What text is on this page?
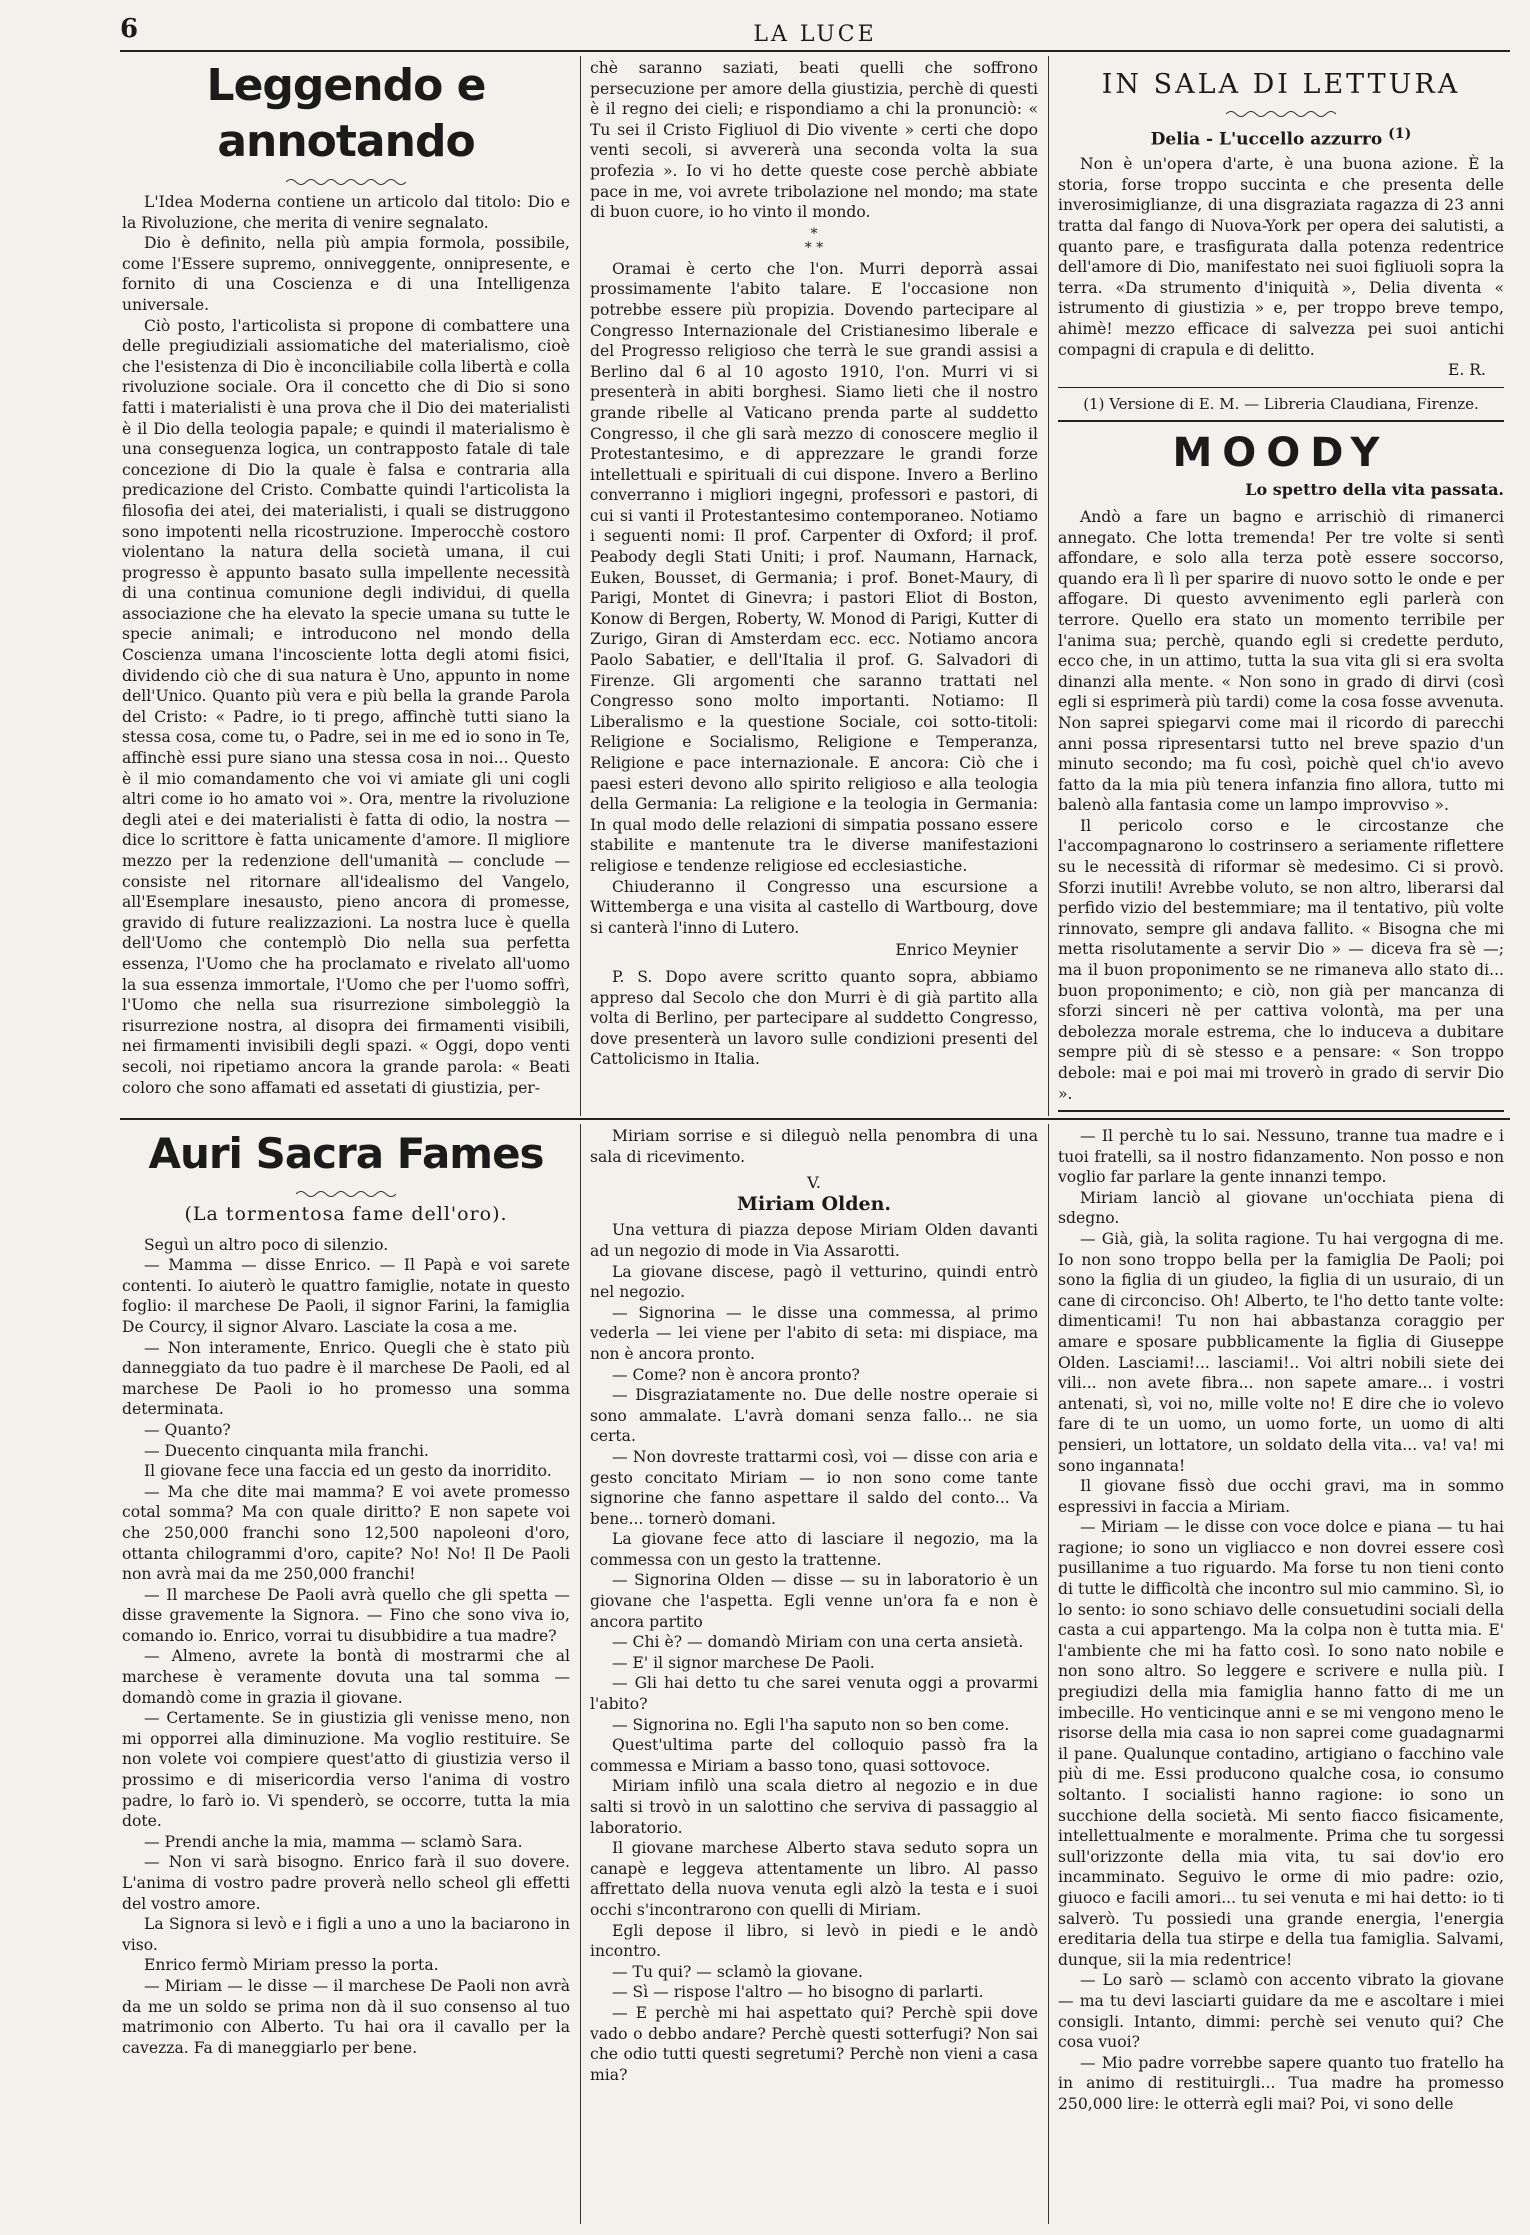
6	LA LUCE
Leggendo e annotando

L'Idea Moderna contiene un articolo dal titolo: Dio e la Rivoluzione, che merita di venire segnalato.

Dio è definito, nella più ampia formola, possibile, come l'Essere supremo, onniveggente, onnipresente, e fornito di una Coscienza e di una Intelligenza universale.

Ciò posto, l'articolista si propone di combattere una delle pregiudiziali assiomatiche del materialismo, cioè che l'esistenza di Dio è inconciliabile colla libertà e colla rivoluzione sociale. Ora il concetto che di Dio si sono fatti i materialisti è una prova che il Dio dei materialisti è il Dio della teologia papale; e quindi il materialismo è una conseguenza logica, un contrapposto fatale di tale concezione di Dio la quale è falsa e contraria alla predicazione del Cristo. Combatte quindi l'articolista la filosofia dei atei, dei materialisti, i quali se distruggono sono impotenti nella ricostruzione. Imperocchè costoro violentano la natura della società umana, il cui progresso è appunto basato sulla impellente necessità di una continua comunione degli individui, di quella associazione che ha elevato la specie umana su tutte le specie animali; e introducono nel mondo della Coscienza umana l'incosciente lotta degli atomi fisici, dividendo ciò che di sua natura è Uno, appunto in nome dell'Unico. Quanto più vera e più bella la grande Parola del Cristo: « Padre, io ti prego, affinchè tutti siano la stessa cosa, come tu, o Padre, sei in me ed io sono in Te, affinchè essi pure siano una stessa cosa in noi... Questo è il mio comandamento che voi vi amiate gli uni cogli altri come io ho amato voi ». Ora, mentre la rivoluzione degli atei e dei materialisti è fatta di odio, la nostra — dice lo scrittore è fatta unicamente d'amore. Il migliore mezzo per la redenzione dell'umanità — conclude — consiste nel ritornare all'idealismo del Vangelo, all'Esemplare inesausto, pieno ancora di promesse, gravido di future realizzazioni. La nostra luce è quella dell'Uomo che contemplò Dio nella sua perfetta essenza, l'Uomo che ha proclamato e rivelato all'uomo la sua essenza immortale, l'Uomo che per l'uomo soffrì, l'Uomo che nella sua risurrezione simboleggiò la risurrezione nostra, al disopra dei firmamenti visibili, nei firmamenti invisibili degli spazi. « Oggi, dopo venti secoli, noi ripetiamo ancora la grande parola: « Beati coloro che sono affamati ed assetati di giustizia, per-

chè saranno saziati, beati quelli che soffrono persecuzione per amore della giustizia, perchè di questi è il regno dei cieli; e rispondiamo a chi la pronunciò: « Tu sei il Cristo Figliuol di Dio vivente » certi che dopo venti secoli, si avvererà una seconda volta la sua profezia ». Io vi ho dette queste cose perchè abbiate pace in me, voi avrete tribolazione nel mondo; ma state di buon cuore, io ho vinto il mondo.

*
* *

Oramai è certo che l'on. Murri deporrà assai prossimamente l'abito talare. E l'occasione non potrebbe essere più propizia. Dovendo partecipare al Congresso Internazionale del Cristianesimo liberale e del Progresso religioso che terrà le sue grandi assisi a Berlino dal 6 al 10 agosto 1910, l'on. Murri vi si presenterà in abiti borghesi. Siamo lieti che il nostro grande ribelle al Vaticano prenda parte al suddetto Congresso, il che gli sarà mezzo di conoscere meglio il Protestantesimo, e di apprezzare le grandi forze intellettuali e spirituali di cui dispone. Invero a Berlino converranno i migliori ingegni, professori e pastori, di cui si vanti il Protestantesimo contemporaneo. Notiamo i seguenti nomi: Il prof. Carpenter di Oxford; il prof. Peabody degli Stati Uniti; i prof. Naumann, Harnack, Euken, Bousset, di Germania; i prof. Bonet-Maury, di Parigi, Montet di Ginevra; i pastori Eliot di Boston, Konow di Bergen, Roberty, W. Monod di Parigi, Kutter di Zurigo, Giran di Amsterdam ecc. ecc. Notiamo ancora Paolo Sabatier, e dell'Italia il prof. G. Salvadori di Firenze. Gli argomenti che saranno trattati nel Congresso sono molto importanti. Notiamo: Il Liberalismo e la questione Sociale, coi sotto-titoli: Religione e Socialismo, Religione e Temperanza, Religione e pace internazionale. E ancora: Ciò che i paesi esteri devono allo spirito religioso e alla teologia della Germania: La religione e la teologia in Germania: In qual modo delle relazioni di simpatia possano essere stabilite e mantenute tra le diverse manifestazioni religiose e tendenze religiose ed ecclesiastiche.

Chiuderanno il Congresso una escursione a Wittemberga e una visita al castello di Wartbourg, dove si canterà l'inno di Lutero.

Enrico Meynier

P. S. Dopo avere scritto quanto sopra, abbiamo appreso dal Secolo che don Murri è di già partito alla volta di Berlino, per partecipare al suddetto Congresso, dove presenterà un lavoro sulle condizioni presenti del Cattolicismo in Italia.

IN SALA DI LETTURA
Delia - L'uccello azzurro $^{(1)}$

Non è un'opera d'arte, è una buona azione. È la storia, forse troppo succinta e che presenta delle inverosimiglianze, di una disgraziata ragazza di 23 anni tratta dal fango di Nuova-York per opera dei salutisti, a quanto pare, e trasfigurata dalla potenza redentrice dell'amore di Dio, manifestato nei suoi figliuoli sopra la terra. «Da strumento d'iniquità », Delia diventa « istrumento di giustizia » e, per troppo breve tempo, ahimè! mezzo efficace di salvezza pei suoi antichi compagni di crapula e di delitto.

E. R.

(1) Versione di E. M. — Libreria Claudiana, Firenze.

MOODY
Lo spettro della vita passata.

Andò a fare un bagno e arrischiò di rimanerci annegato. Che lotta tremenda! Per tre volte si sentì affondare, e solo alla terza potè essere soccorso, quando era lì lì per sparire di nuovo sotto le onde e per affogare. Di questo avvenimento egli parlerà con terrore. Quello era stato un momento terribile per l'anima sua; perchè, quando egli si credette perduto, ecco che, in un attimo, tutta la sua vita gli si era svolta dinanzi alla mente. « Non sono in grado di dirvi (così egli si esprimerà più tardi) come la cosa fosse avvenuta. Non saprei spiegarvi come mai il ricordo di parecchi anni possa ripresentarsi tutto nel breve spazio d'un minuto secondo; ma fu così, poichè quel ch'io avevo fatto da la mia più tenera infanzia fino allora, tutto mi balenò alla fantasia come un lampo improvviso ».

Il pericolo corso e le circostanze che l'accompagnarono lo costrinsero a seriamente riflettere su le necessità di riformar sè medesimo. Ci si provò. Sforzi inutili! Avrebbe voluto, se non altro, liberarsi dal perfido vizio del bestemmiare; ma il tentativo, più volte rinnovato, sempre gli andava fallito. « Bisogna che mi metta risolutamente a servir Dio » — diceva fra sè —; ma il buon proponimento se ne rimaneva allo stato di... buon proponimento; e ciò, non già per mancanza di sforzi sinceri nè per cattiva volontà, ma per una debolezza morale estrema, che lo induceva a dubitare sempre più di sè stesso e a pensare: « Son troppo debole: mai e poi mai mi troverò in grado di servir Dio ».

Auri Sacra Fames
(La tormentosa fame dell'oro).

Seguì un altro poco di silenzio.

— Mamma — disse Enrico. — Il Papà e voi sarete contenti. Io aiuterò le quattro famiglie, notate in questo foglio: il marchese De Paoli, il signor Farini, la famiglia De Courcy, il signor Alvaro. Lasciate la cosa a me.

— Non interamente, Enrico. Quegli che è stato più danneggiato da tuo padre è il marchese De Paoli, ed al marchese De Paoli io ho promesso una somma determinata.

— Quanto?

— Duecento cinquanta mila franchi.

Il giovane fece una faccia ed un gesto da inorridito.

— Ma che dite mai mamma? E voi avete promesso cotal somma? Ma con quale diritto? E non sapete voi che 250,000 franchi sono 12,500 napoleoni d'oro, ottanta chilogrammi d'oro, capite? No! No! Il De Paoli non avrà mai da me 250,000 franchi!

— Il marchese De Paoli avrà quello che gli spetta — disse gravemente la Signora. — Fino che sono viva io, comando io. Enrico, vorrai tu disubbidire a tua madre?

— Almeno, avrete la bontà di mostrarmi che al marchese è veramente dovuta una tal somma — domandò come in grazia il giovane.

— Certamente. Se in giustizia gli venisse meno, non mi opporrei alla diminuzione. Ma voglio restituire. Se non volete voi compiere quest'atto di giustizia verso il prossimo e di misericordia verso l'anima di vostro padre, lo farò io. Vi spenderò, se occorre, tutta la mia dote.

— Prendi anche la mia, mamma — sclamò Sara.

— Non vi sarà bisogno. Enrico farà il suo dovere. L'anima di vostro padre proverà nello scheol gli effetti del vostro amore.

La Signora si levò e i figli a uno a uno la baciarono in viso.

Enrico fermò Miriam presso la porta.

— Miriam — le disse — il marchese De Paoli non avrà da me un soldo se prima non dà il suo consenso al tuo matrimonio con Alberto. Tu hai ora il cavallo per la cavezza. Fa di maneggiarlo per bene.

Miriam sorrise e si dileguò nella penombra di una sala di ricevimento.

V.
Miriam Olden.

Una vettura di piazza depose Miriam Olden davanti ad un negozio di mode in Via Assarotti.

La giovane discese, pagò il vetturino, quindi entrò nel negozio.

— Signorina — le disse una commessa, al primo vederla — lei viene per l'abito di seta: mi dispiace, ma non è ancora pronto.

— Come? non è ancora pronto?

— Disgraziatamente no. Due delle nostre operaie si sono ammalate. L'avrà domani senza fallo... ne sia certa.

— Non dovreste trattarmi così, voi — disse con aria e gesto concitato Miriam — io non sono come tante signorine che fanno aspettare il saldo del conto... Va bene... tornerò domani.

La giovane fece atto di lasciare il negozio, ma la commessa con un gesto la trattenne.

— Signorina Olden — disse — su in laboratorio è un giovane che l'aspetta. Egli venne un'ora fa e non è ancora partito

— Chi è? — domandò Miriam con una certa ansietà.

— E' il signor marchese De Paoli.

— Gli hai detto tu che sarei venuta oggi a provarmi l'abito?

— Signorina no. Egli l'ha saputo non so ben come.

Quest'ultima parte del colloquio passò fra la commessa e Miriam a basso tono, quasi sottovoce.

Miriam infilò una scala dietro al negozio e in due salti si trovò in un salottino che serviva di passaggio al laboratorio.

Il giovane marchese Alberto stava seduto sopra un canapè e leggeva attentamente un libro. Al passo affrettato della nuova venuta egli alzò la testa e i suoi occhi s'incontrarono con quelli di Miriam.

Egli depose il libro, si levò in piedi e le andò incontro.

— Tu qui? — sclamò la giovane.

— Sì — rispose l'altro — ho bisogno di parlarti.

— E perchè mi hai aspettato qui? Perchè spii dove vado o debbo andare? Perchè questi sotterfugi? Non sai che odio tutti questi segretumi? Perchè non vieni a casa mia?

— Il perchè tu lo sai. Nessuno, tranne tua madre e i tuoi fratelli, sa il nostro fidanzamento. Non posso e non voglio far parlare la gente innanzi tempo.

Miriam lanciò al giovane un'occhiata piena di sdegno.

— Già, già, la solita ragione. Tu hai vergogna di me. Io non sono troppo bella per la famiglia De Paoli; poi sono la figlia di un giudeo, la figlia di un usuraio, di un cane di circonciso. Oh! Alberto, te l'ho detto tante volte: dimenticami! Tu non hai abbastanza coraggio per amare e sposare pubblicamente la figlia di Giuseppe Olden. Lasciami!... lasciami!.. Voi altri nobili siete dei vili... non avete fibra... non sapete amare... i vostri antenati, sì, voi no, mille volte no! E dire che io volevo fare di te un uomo, un uomo forte, un uomo di alti pensieri, un lottatore, un soldato della vita... va! va! mi sono ingannata!

Il giovane fissò due occhi gravi, ma in sommo espressivi in faccia a Miriam.

— Miriam — le disse con voce dolce e piana — tu hai ragione; io sono un vigliacco e non dovrei essere così pusillanime a tuo riguardo. Ma forse tu non tieni conto di tutte le difficoltà che incontro sul mio cammino. Sì, io lo sento: io sono schiavo delle consuetudini sociali della casta a cui appartengo. Ma la colpa non è tutta mia. E' l'ambiente che mi ha fatto così. Io sono nato nobile e non sono altro. So leggere e scrivere e nulla più. I pregiudizi della mia famiglia hanno fatto di me un imbecille. Ho venticinque anni e se mi vengono meno le risorse della mia casa io non saprei come guadagnarmi il pane. Qualunque contadino, artigiano o facchino vale più di me. Essi producono qualche cosa, io consumo soltanto. I socialisti hanno ragione: io sono un succhione della società. Mi sento fiacco fisicamente, intellettualmente e moralmente. Prima che tu sorgessi sull'orizzonte della mia vita, tu sai dov'io ero incamminato. Seguivo le orme di mio padre: ozio, giuoco e facili amori... tu sei venuta e mi hai detto: io ti salverò. Tu possiedi una grande energia, l'energia ereditaria della tua stirpe e della tua famiglia. Salvami, dunque, sii la mia redentrice!

— Lo sarò — sclamò con accento vibrato la giovane — ma tu devi lasciarti guidare da me e ascoltare i miei consigli. Intanto, dimmi: perchè sei venuto qui? Che cosa vuoi?

— Mio padre vorrebbe sapere quanto tuo fratello ha in animo di restituirgli... Tua madre ha promesso 250,000 lire: le otterrà egli mai? Poi, vi sono delle
